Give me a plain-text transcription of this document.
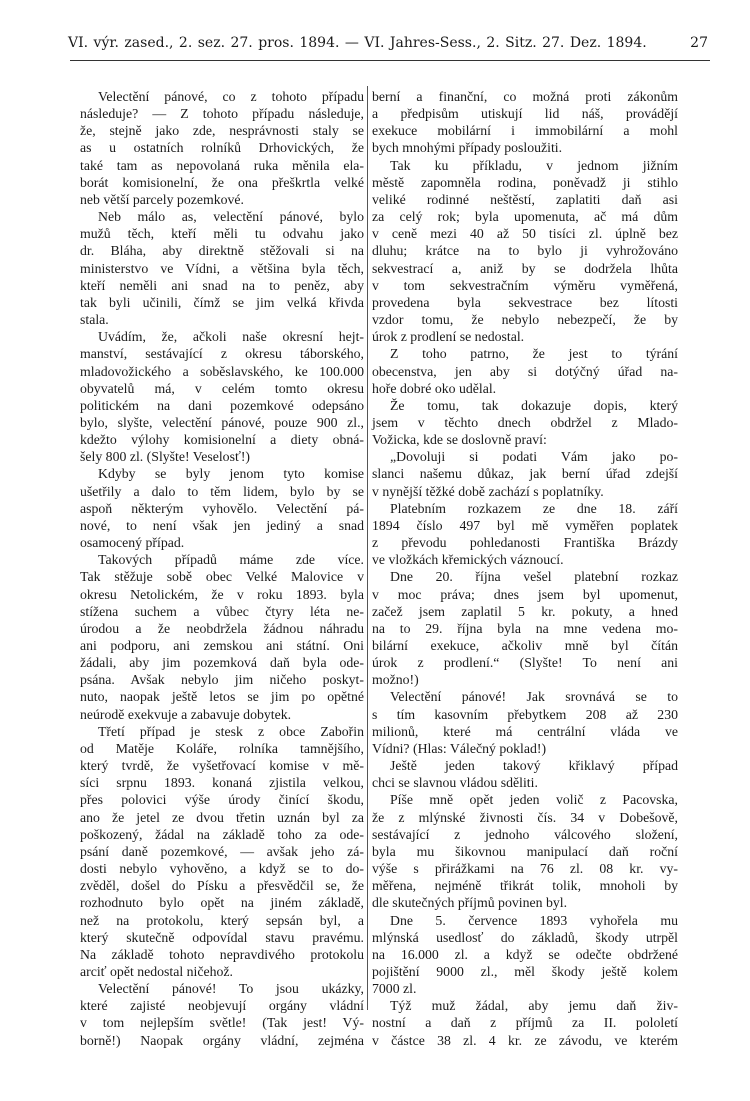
VI. výr. zased., 2. sez. 27. pros. 1894. — VI. Jahres-Sess., 2. Sitz. 27. Dez. 1894.	27

Velectění pánové, co z tohoto případu

následuje? — Z tohoto případu následuje,

že, stejně jako zde, nesprávnosti staly se

as u ostatních rolníků Drhovických, že

také tam as nepovolaná ruka měnila ela-

borát komisionelní, že ona přeškrtla velké

neb větší parcely pozemkové.

Neb málo as, velectění pánové, bylo

mužů těch, kteří měli tu odvahu jako

dr. Bláha, aby direktně stěžovali si na

ministerstvo ve Vídni, a většina byla těch,

kteří neměli ani snad na to peněz, aby

tak byli učinili, čímž se jim velká křivda

stala.

Uvádím, že, ačkoli naše okresní hejt-

manství, sestávající z okresu táborského,

mladovožického a soběslavského, ke 100.000

obyvatelů má, v celém tomto okresu

politickém na dani pozemkové odepsáno

bylo, slyšte, velectění pánové, pouze 900 zl.,

kdežto výlohy komisionelní a diety obná-

šely 800 zl. (Slyšte! Veselosť!)

Kdyby se byly jenom tyto komise

ušetřily a dalo to těm lidem, bylo by se

aspoň některým vyhovělo. Velectění pá-

nové, to není však jen jediný a snad

osamocený případ.

Takových případů máme zde více.

Tak stěžuje sobě obec Velké Malovice v

okresu Netolickém, že v roku 1893. byla

stížena suchem a vůbec čtyry léta ne-

úrodou a že neobdržela žádnou náhradu

ani podporu, ani zemskou ani státní. Oni

žádali, aby jim pozemková daň byla ode-

psána. Avšak nebylo jim ničeho poskyt-

nuto, naopak ještě letos se jim po opětné

neúrodě exekvuje a zabavuje dobytek.

Třetí případ je stesk z obce Zabořin

od Matěje Koláře, rolníka tamnějšího,

který tvrdě, že vyšetřovací komise v mě-

síci srpnu 1893. konaná zjistila velkou,

přes polovici výše úrody činící škodu,

ano že jetel ze dvou třetin uznán byl za

poškozený, žádal na základě toho za ode-

psání daně pozemkové, — avšak jeho zá-

dosti nebylo vyhověno, a když se to do-

zvěděl, došel do Písku a přesvědčil se, že

rozhodnuto bylo opět na jiném základě,

než na protokolu, který sepsán byl, a

který skutečně odpovídal stavu pravému.

Na základě tohoto nepravdivého protokolu

arciť opět nedostal ničehož.

Velectění pánové! To jsou ukázky,

které zajisté neobjevují orgány vládní

v tom nejlepším světle! (Tak jest! Vý-

borně!) Naopak orgány vládní, zejména

berní a finanční, co možná proti zákonům

a předpisům utiskují lid náš, provádějí

exekuce mobilární i immobilární a mohl

bych mnohými případy posloužiti.

Tak ku příkladu, v jednom jižním

městě zapomněla rodina, poněvadž ji stihlo

veliké rodinné neštěstí, zaplatiti daň asi

za celý rok; byla upomenuta, ač má dům

v ceně mezi 40 až 50 tisíci zl. úplně bez

dluhu; krátce na to bylo ji vyhrožováno

sekvestrací a, aniž by se dodržela lhůta

v tom sekvestračním výměru vyměřená,

provedena byla sekvestrace bez lítosti

vzdor tomu, že nebylo nebezpečí, že by

úrok z prodlení se nedostal.

Z toho patrno, že jest to týrání

obecenstva, jen aby si dotýčný úřad na-

hoře dobré oko udělal.

Že tomu, tak dokazuje dopis, který

jsem v těchto dnech obdržel z Mlado-

Vožicka, kde se doslovně praví:

„Dovoluji si podati Vám jako po-

slanci našemu důkaz, jak berní úřad zdejší

v nynější těžké době zachází s poplatníky.

Platebním rozkazem ze dne 18. září

1894 číslo 497 byl mě vyměřen poplatek

z převodu pohledanosti Františka Brázdy

ve vložkách křemických váznoucí.

Dne 20. října vešel platební rozkaz

v moc práva; dnes jsem byl upomenut,

začež jsem zaplatil 5 kr. pokuty, a hned

na to 29. října byla na mne vedena mo-

bilární exekuce, ačkoliv mně byl čítán

úrok z prodlení.“ (Slyšte! To není ani

možno!)

Velectění pánové! Jak srovnává se to

s tím kasovním přebytkem 208 až 230

milionů, které má centrální vláda ve

Vídni? (Hlas: Válečný poklad!)

Ještě jeden takový křiklavý případ

chci se slavnou vládou sděliti.

Píše mně opět jeden volič z Pacovska,

že z mlýnské živnosti čís. 34 v Dobešově,

sestávající z jednoho válcového složení,

byla mu šikovnou manipulací daň roční

výše s přirážkami na 76 zl. 08 kr. vy-

měřena, nejméně třikrát tolik, mnoholi by

dle skutečných příjmů povinen byl.

Dne 5. července 1893 vyhořela mu

mlýnská usedlosť do základů, škody utrpěl

na 16.000 zl. a když se odečte obdržené

pojištění 9000 zl., měl škody ještě kolem

7000 zl.

Týž muž žádal, aby jemu daň živ-

nostní a daň z příjmů za II. pololetí

v částce 38 zl. 4 kr. ze závodu, ve kterém
